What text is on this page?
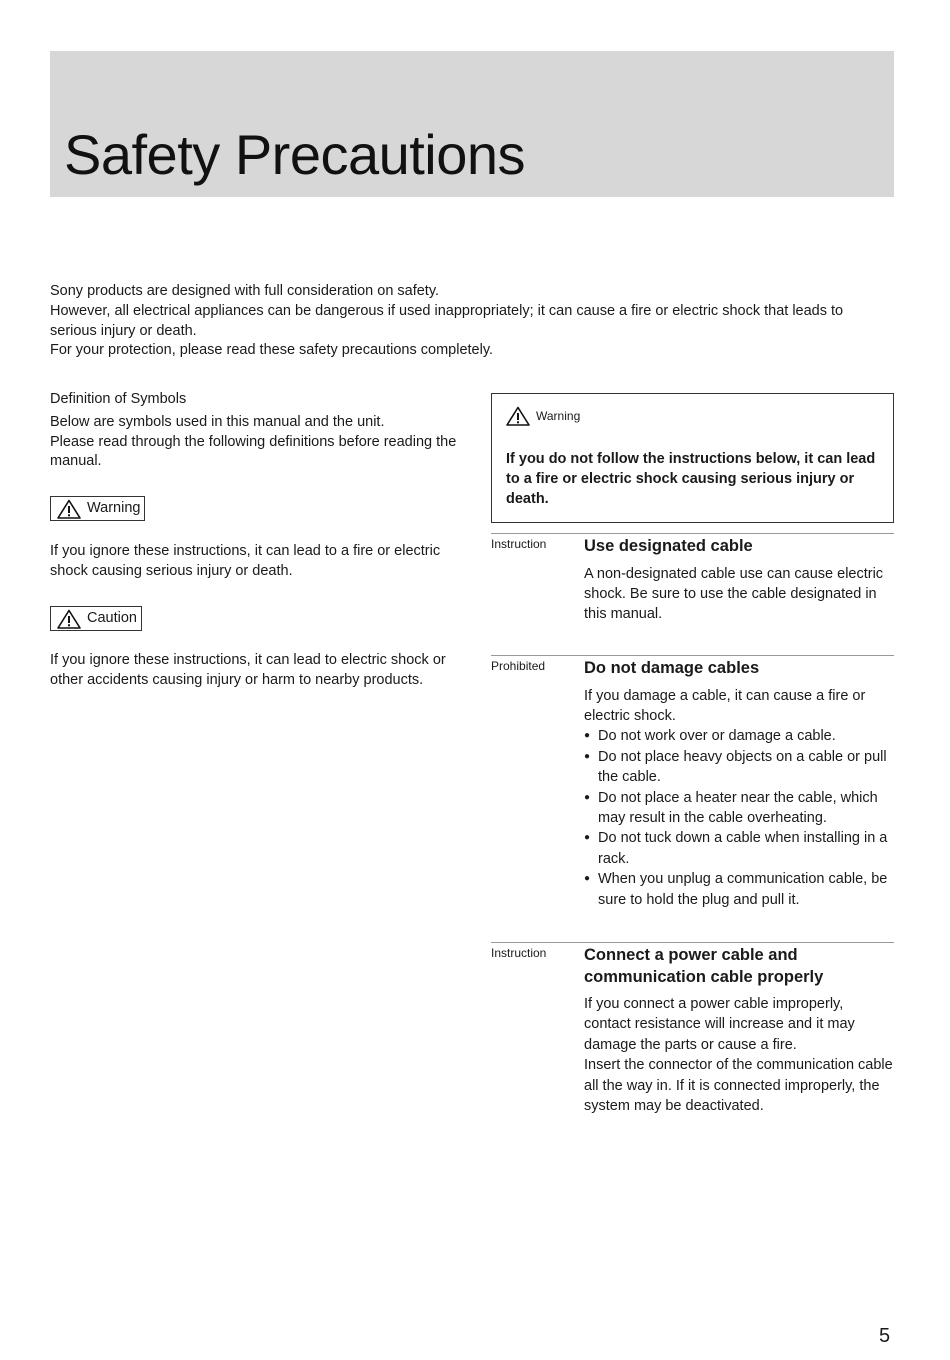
Safety Precautions

Sony products are designed with full consideration on safety.

However, all electrical appliances can be dangerous if used inappropriately; it can cause a fire or electric shock that leads to serious injury or death.

For your protection, please read these safety precautions completely.

Definition of Symbols

Below are symbols used in this manual and the unit.

Please read through the following definitions before reading the manual.

Warning

If you ignore these instructions, it can lead to a fire or electric shock causing serious injury or death.

Caution

If you ignore these instructions, it can lead to electric shock or other accidents causing injury or harm to nearby products.

Warning

If you do not follow the instructions below, it can lead to a fire or electric shock causing serious injury or death.

Instruction Use designated cable

A non-designated cable use can cause electric shock. Be sure to use the cable designated in this manual.

Prohibited Do not damage cables

If you damage a cable, it can cause a fire or electric shock.

● Do not work over or damage a cable.
● Do not place heavy objects on a cable or pull the cable.
● Do not place a heater near the cable, which may result in the cable overheating.
● Do not tuck down a cable when installing in a rack.
● When you unplug a communication cable, be sure to hold the plug and pull it.
Instruction Connect a power cable and communication cable properly

If you connect a power cable improperly, contact resistance will increase and it may damage the parts or cause a fire.

Insert the connector of the communication cable all the way in. If it is connected improperly, the system may be deactivated.

5
